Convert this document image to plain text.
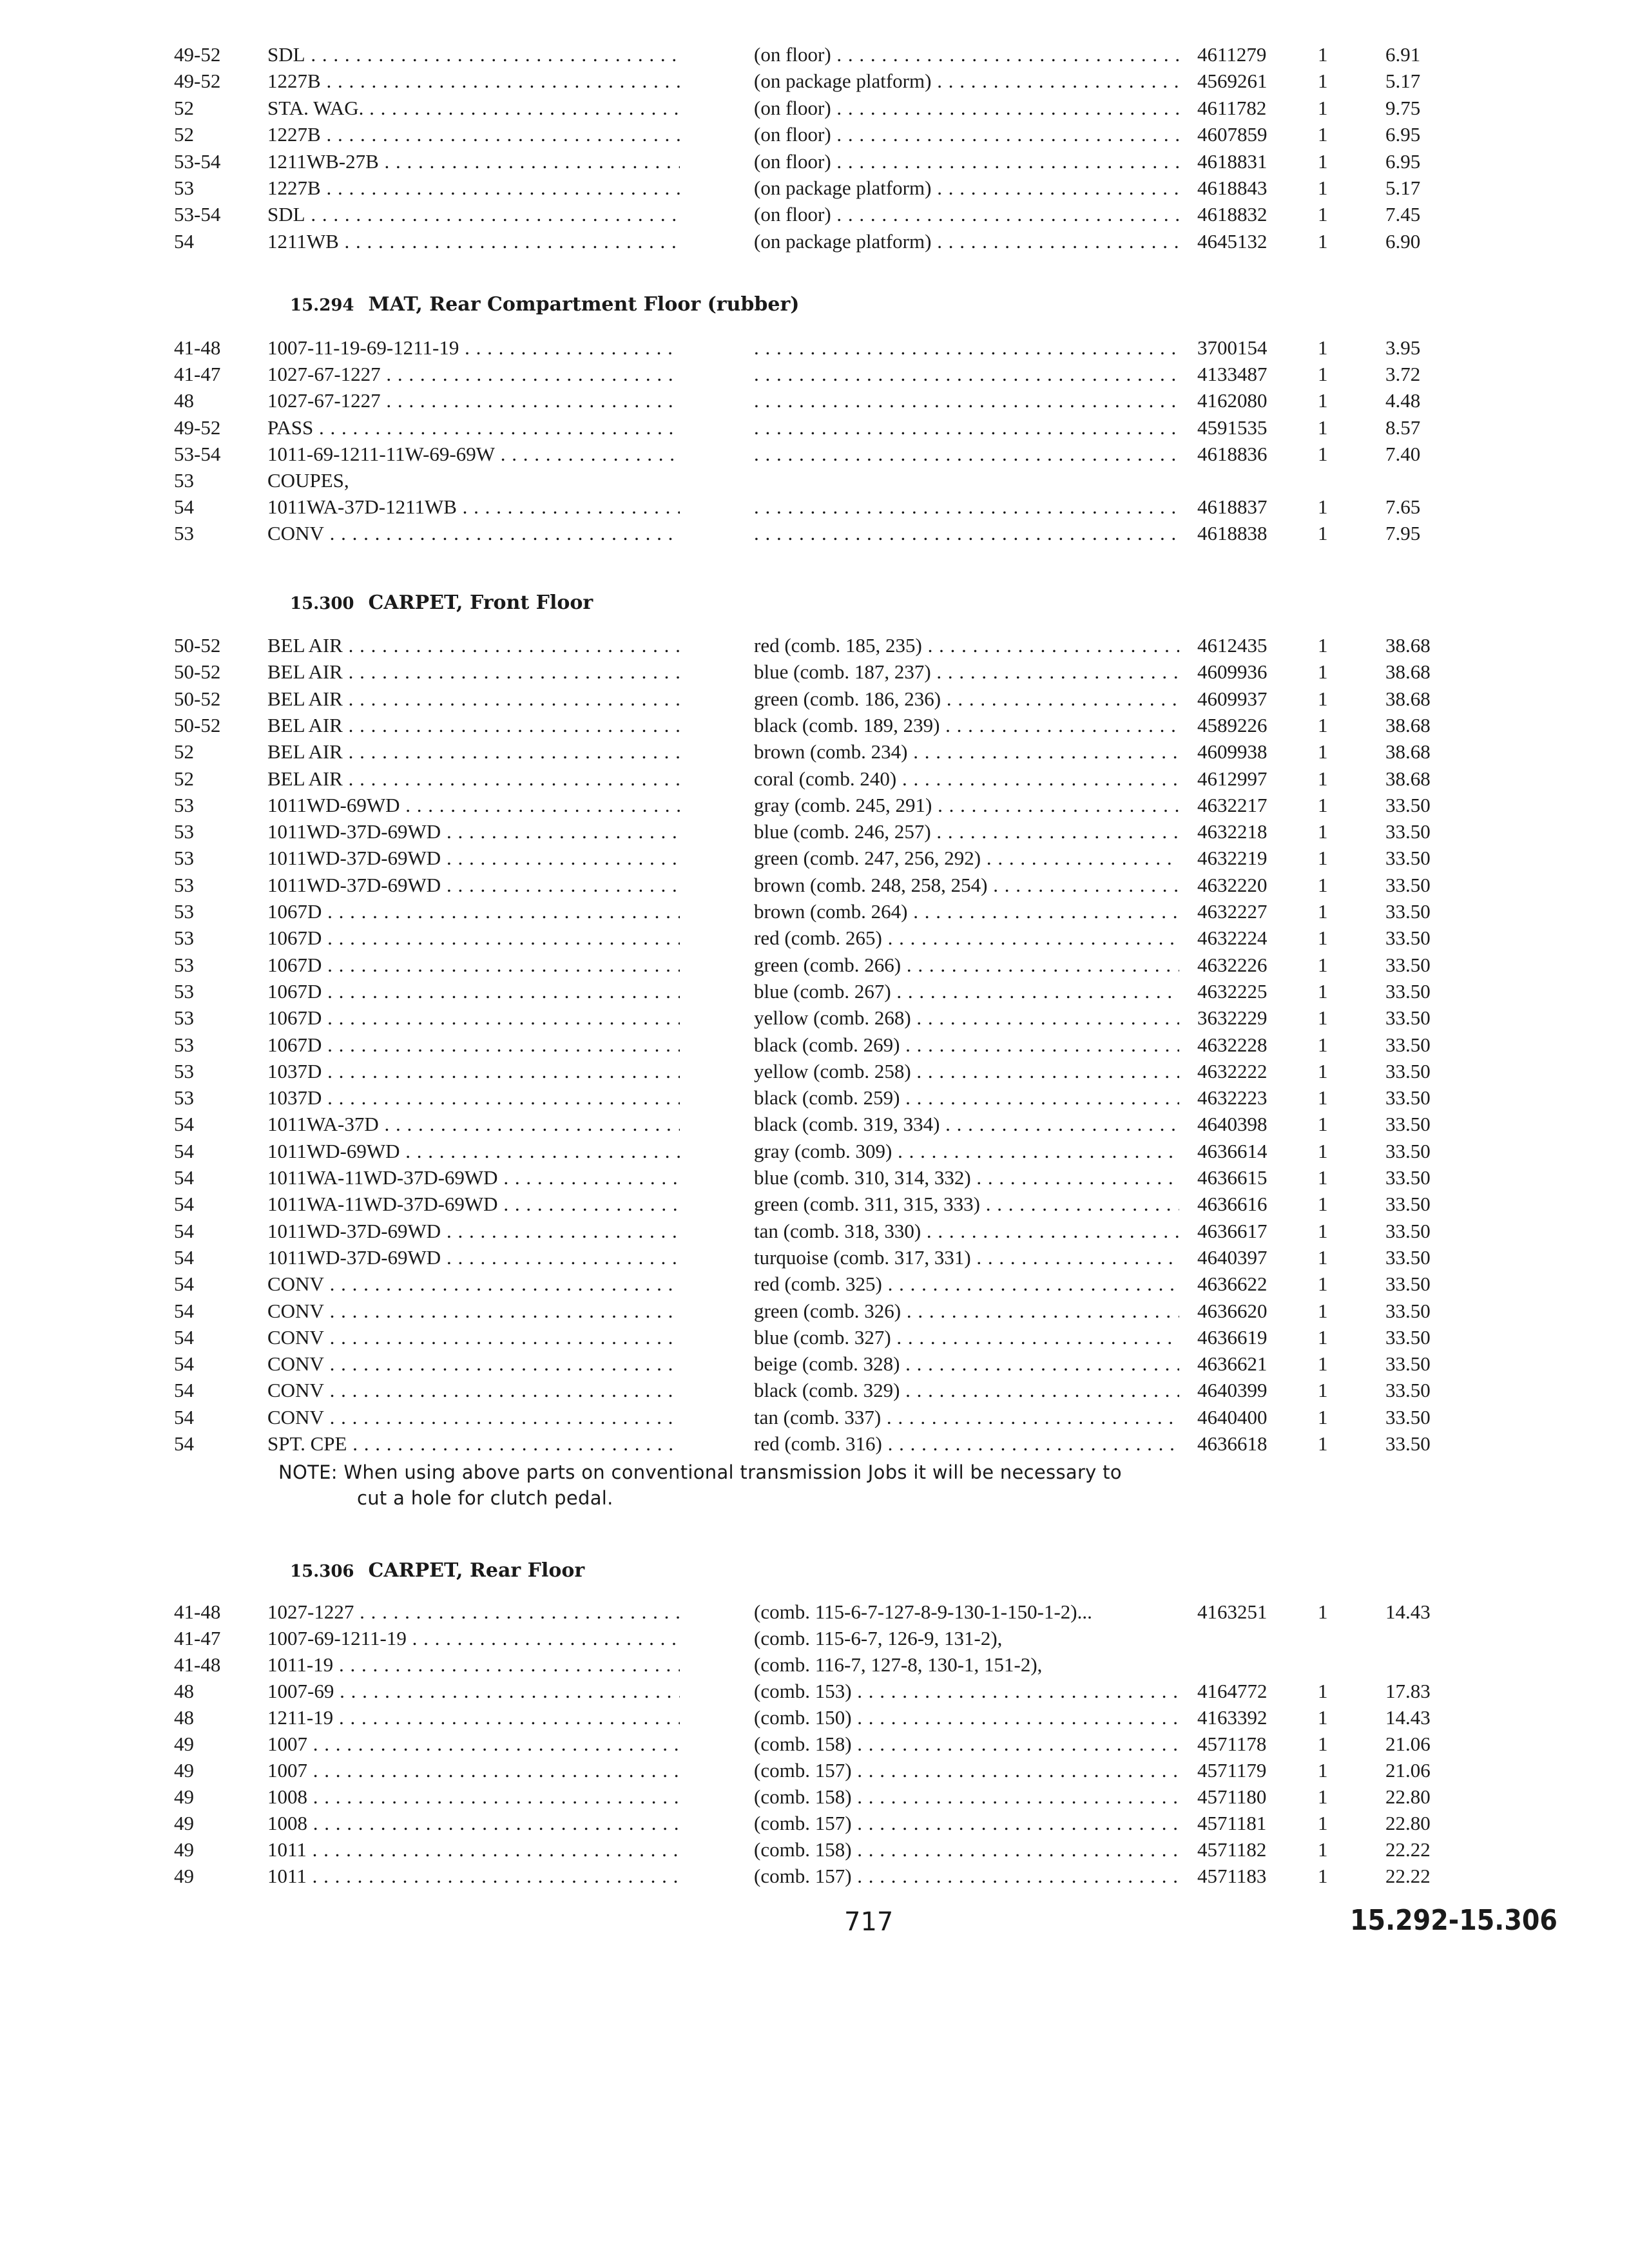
49-52 SDL . . .	(on floor) . . .	4611279	1	6.91
49-52 1227B . . .	(on package platform) . . .	4569261	1	5.17
52	STA. WAG. . . .	(on floor) . . .	4611782	1	9.75
52	1227B . . .	(on floor) . . .	4607859	1	6.95
53-54 1211WB-27B . . .	(on floor) . . .	4618831	1	6.95
53	1227B . . .	(on package platform) . . .	4618843	1	5.17
53-54 SDL . . .	(on floor) . . .	4618832	1	7.45
54	1211WB . . .	(on package platform) . . .	4645132	1	6.90
15.294 MAT, Rear Compartment Floor (rubber)
41-48 1007-11-19-69-1211-19 . . . . . .	3700154	1	3.95
41-47 1027-67-1227 . . . . . .	4133487	1	3.72
48	1027-67-1227 . . . . . .	4162080	1	4.48
49-52 PASS . . . . . .	4591535	1	8.57
53-54 1011-69-1211-11W-69-69W . . . . . .	4618836	1	7.40
53	COUPES,
54	1011WA-37D-1211WB . . . . . .	4618837	1	7.65
53	CONV . . . . . .	4618838	1	7.95
15.300 CARPET, Front Floor
50-52 BEL AIR . . .	red (comb. 185, 235) . . .	4612435	1	38.68
50-52 BEL AIR . . .	blue (comb. 187, 237) . . .	4609936	1	38.68
50-52 BEL AIR . . .	green (comb. 186, 236) . . .	4609937	1	38.68
50-52 BEL AIR . . .	black (comb. 189, 239) . . .	4589226	1	38.68
52	BEL AIR . . .	brown (comb. 234) . . .	4609938	1	38.68
52	BEL AIR . . .	coral (comb. 240) . . .	4612997	1	38.68
53	1011WD-69WD . . .	gray (comb. 245, 291) . . .	4632217	1	33.50
53	1011WD-37D-69WD . . .	blue (comb. 246, 257) . . .	4632218	1	33.50
53	1011WD-37D-69WD . . .	green (comb. 247, 256, 292) . . .	4632219	1	33.50
53	1011WD-37D-69WD . . .	brown (comb. 248, 258, 254) . . .	4632220	1	33.50
53	1067D . . .	brown (comb. 264) . . .	4632227	1	33.50
53	1067D . . .	red (comb. 265) . . .	4632224	1	33.50
53	1067D . . .	green (comb. 266) . . .	4632226	1	33.50
53	1067D . . .	blue (comb. 267) . . .	4632225	1	33.50
53	1067D . . .	yellow (comb. 268) . . .	3632229	1	33.50
53	1067D . . .	black (comb. 269) . . .	4632228	1	33.50
53	1037D . . .	yellow (comb. 258) . . .	4632222	1	33.50
53	1037D . . .	black (comb. 259) . . .	4632223	1	33.50
54	1011WA-37D . . .	black (comb. 319, 334) . . .	4640398	1	33.50
54	1011WD-69WD . . .	gray (comb. 309) . . .	4636614	1	33.50
54	1011WA-11WD-37D-69WD . . .	blue (comb. 310, 314, 332) . . .	4636615	1	33.50
54	1011WA-11WD-37D-69WD . . .	green (comb. 311, 315, 333) . . .	4636616	1	33.50
54	1011WD-37D-69WD . . .	tan (comb. 318, 330) . . .	4636617	1	33.50
54	1011WD-37D-69WD . . .	turquoise (comb. 317, 331) . . .	4640397	1	33.50
54	CONV . . .	red (comb. 325) . . .	4636622	1	33.50
54	CONV . . .	green (comb. 326) . . .	4636620	1	33.50
54	CONV . . .	blue (comb. 327) . . .	4636619	1	33.50
54	CONV . . .	beige (comb. 328) . . .	4636621	1	33.50
54	CONV . . .	black (comb. 329) . . .	4640399	1	33.50
54	CONV . . .	tan (comb. 337) . . .	4640400	1	33.50
54	SPT. CPE . . .	red (comb. 316) . . .	4636618	1	33.50
NOTE: When using above parts on conventional transmission Jobs it will be necessary to

cut a hole for clutch pedal.
15.306 CARPET, Rear Floor
41-48 1027-1227 . . .	(comb. 115-6-7-127-8-9-130-1-150-1-2)...	4163251	1	14.43
41-47 1007-69-1211-19 . . .	(comb. 115-6-7, 126-9, 131-2),
41-48 1011-19 . . .	(comb. 116-7, 127-8, 130-1, 151-2),
48	1007-69 . . .	(comb. 153) . . .	4164772	1	17.83
48	1211-19 . . .	(comb. 150) . . .	4163392	1	14.43
49	1007 . . .	(comb. 158) . . .	4571178	1	21.06
49	1007 . . .	(comb. 157) . . .	4571179	1	21.06
49	1008 . . .	(comb. 158) . . .	4571180	1	22.80
49	1008 . . .	(comb. 157) . . .	4571181	1	22.80
49	1011 . . .	(comb. 158) . . .	4571182	1	22.22
49	1011 . . .	(comb. 157) . . .	4571183	1	22.22
717	15.292-15.306
